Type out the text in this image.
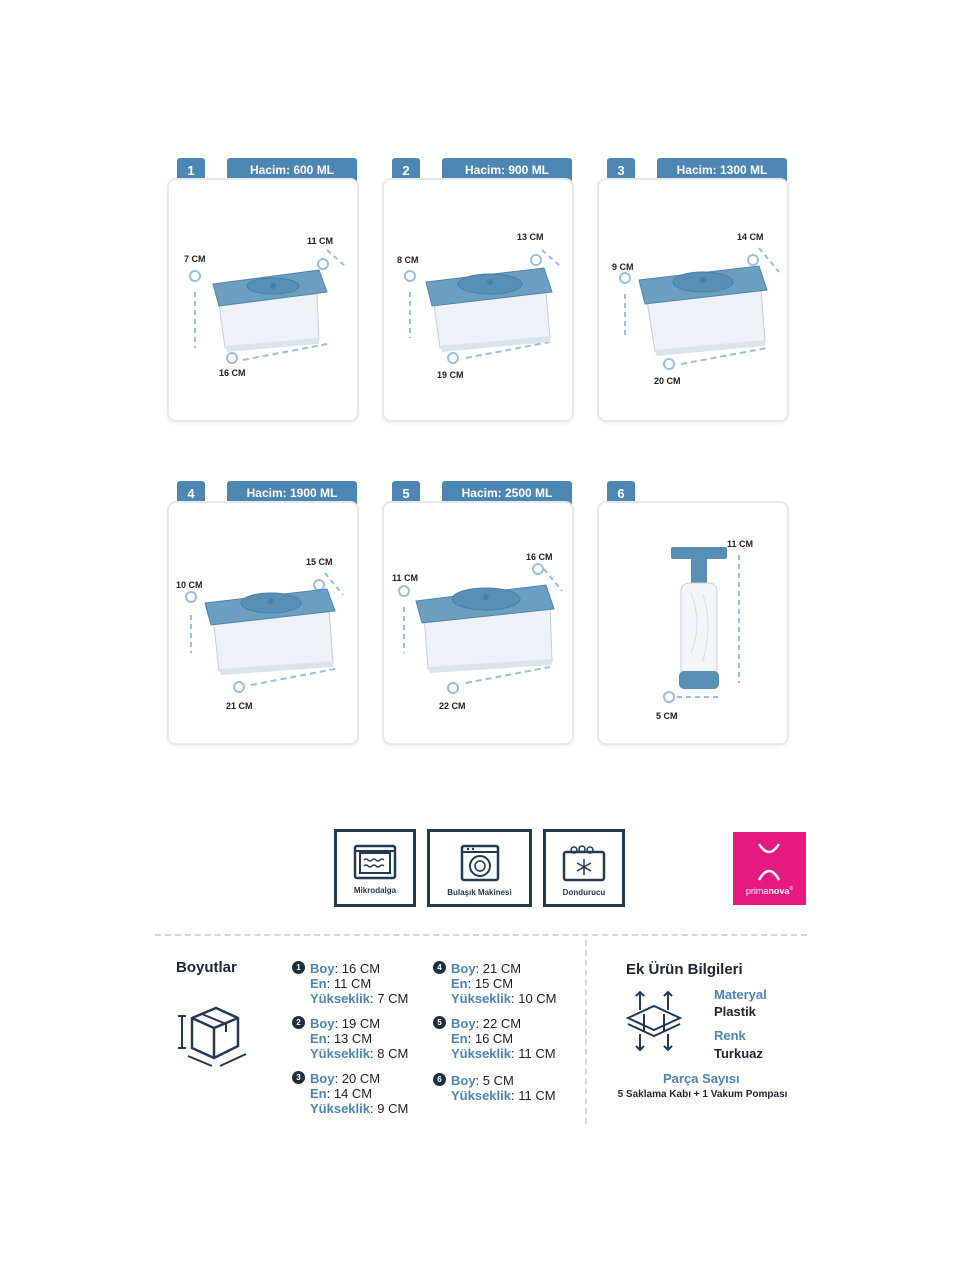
1	Hacim: 600 ML
7 CM
11 CM
16 CM
2	Hacim: 900 ML
8 CM
13 CM
19 CM
3	Hacim: 1300 ML
9 CM
14 CM
20 CM
4	Hacim: 1900 ML
10 CM
15 CM
21 CM
5	Hacim: 2500 ML
11 CM
16 CM
22 CM
6
11 CM
5 CM
Mikrodalga	Bulaşık Makinesi	Dondurucu	primanova®
Boyutlar	1 Boy: 16 CM
En: 11 CM
Yükseklik: 7 CM
2 Boy: 19 CM
En: 13 CM
Yükseklik: 8 CM
3 Boy: 20 CM
En: 14 CM
Yükseklik: 9 CM
4 Boy: 21 CM
En: 15 CM
Yükseklik: 10 CM
5 Boy: 22 CM
En: 16 CM
Yükseklik: 11 CM
6 Boy: 5 CM
Yükseklik: 11 CM
Ek Ürün Bilgileri
Materyal
Plastik
Renk
Turkuaz
Parça Sayısı
5 Saklama Kabı + 1 Vakum Pompası
